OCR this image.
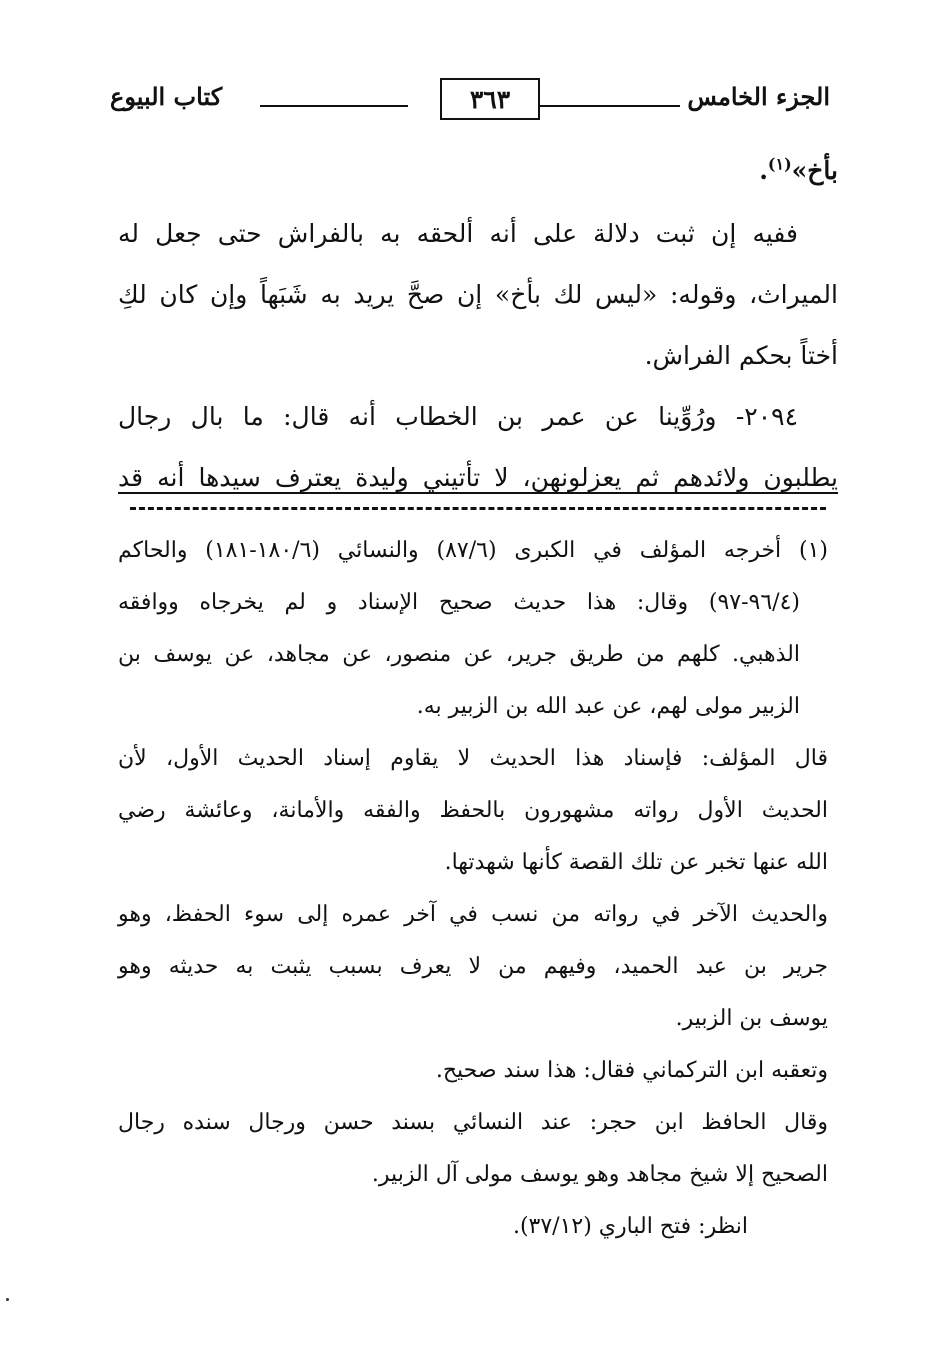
الجزء الخامس
٣٦٣
كتاب البيوع

بأخ»$^{(١)}$.

ففيه إن ثبت دلالة على أنه ألحقه به بالفراش حتى جعل له

الميراث، وقوله: «ليس لك بأخ» إن صحَّ يريد به شَبَهاً وإن كان لكِ

أختاً بحكم الفراش.

٢٠٩٤- ورُوِّينا عن عمر بن الخطاب أنه قال: ما بال رجال

يطلبون ولائدهم ثم يعزلونهن، لا تأتيني وليدة يعترف سيدها أنه قد

(١) أخرجه المؤلف في الكبرى (٨٧/٦) والنسائي (١٨٠/٦-١٨١) والحاكم

(٩٦/٤-٩٧) وقال: هذا حديث صحيح الإسناد و لم يخرجاه ووافقه

الذهبي. كلهم من طريق جرير، عن منصور، عن مجاهد، عن يوسف بن

الزبير مولى لهم، عن عبد الله بن الزبير به.

قال المؤلف: فإسناد هذا الحديث لا يقاوم إسناد الحديث الأول، لأن

الحديث الأول رواته مشهورون بالحفظ والفقه والأمانة، وعائشة رضي

الله عنها تخبر عن تلك القصة كأنها شهدتها.

والحديث الآخر في رواته من نسب في آخر عمره إلى سوء الحفظ، وهو

جرير بن عبد الحميد، وفيهم من لا يعرف بسبب يثبت به حديثه وهو

يوسف بن الزبير.

وتعقبه ابن التركماني فقال: هذا سند صحيح.

وقال الحافظ ابن حجر: عند النسائي بسند حسن ورجال سنده رجال

الصحيح إلا شيخ مجاهد وهو يوسف مولى آل الزبير.

انظر: فتح الباري (٣٧/١٢).
